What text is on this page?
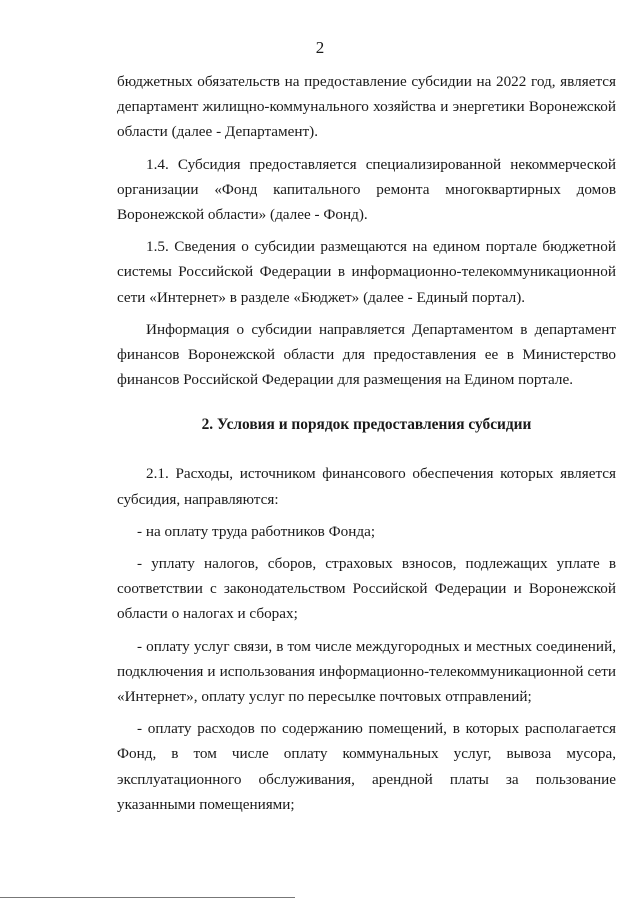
2
бюджетных обязательств на предоставление субсидии на 2022 год, является
департамент жилищно-коммунального хозяйства и энергетики Воронежской
области (далее - Департамент).
1.4. Субсидия предоставляется специализированной некоммерческой
организации «Фонд капитального ремонта многоквартирных домов
Воронежской области» (далее - Фонд).
1.5. Сведения о субсидии размещаются на едином портале бюджетной
системы Российской Федерации в информационно-телекоммуникационной
сети «Интернет» в разделе «Бюджет» (далее - Единый портал).
Информация о субсидии направляется Департаментом в департамент
финансов Воронежской области для предоставления ее в Министерство
финансов Российской Федерации для размещения на Едином портале.
2. Условия и порядок предоставления субсидии
2.1. Расходы, источником финансового обеспечения которых является
субсидия, направляются:
- на оплату труда работников Фонда;
- уплату налогов, сборов, страховых взносов, подлежащих уплате в
соответствии с законодательством Российской Федерации и Воронежской
области о налогах и сборах;
- оплату услуг связи, в том числе междугородных и местных соединений,
подключения и использования информационно-телекоммуникационной сети
«Интернет», оплату услуг по пересылке почтовых отправлений;
- оплату расходов по содержанию помещений, в которых располагается
Фонд, в том числе оплату коммунальных услуг, вывоза мусора,
эксплуатационного обслуживания, арендной платы за пользование
указанными помещениями;
